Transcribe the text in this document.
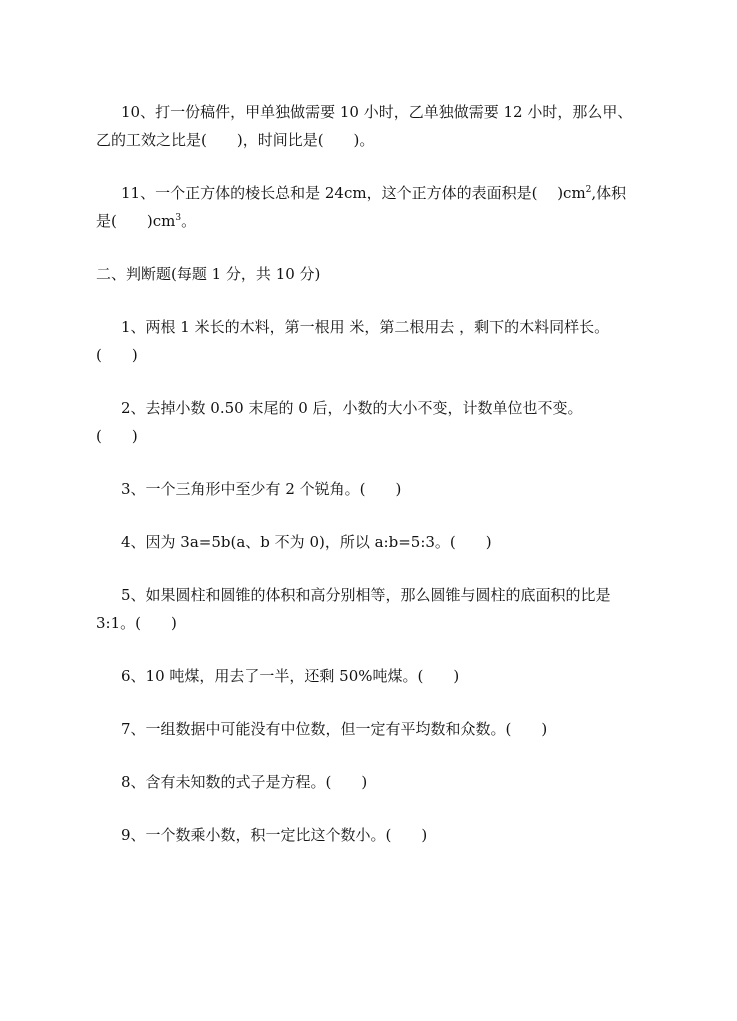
10、打一份稿件，甲单独做需要 10 小时，乙单独做需要 12 小时，那么甲、
乙的工效之比是(　　)，时间比是(　　)。
11、一个正方体的棱长总和是 24cm，这个正方体的表面积是(　 )$cm^2$,体积
是(　　)$cm^3$。
二、判断题(每题 1 分，共 10 分)
1、两根 1 米长的木料，第一根用 米，第二根用去 ，剩下的木料同样长。
(　　)
2、去掉小数 0.50 末尾的 0 后，小数的大小不变，计数单位也不变。
(　　)
3、一个三角形中至少有 2 个锐角。(　　)
4、因为 3a=5b(a、b 不为 0)，所以 a:b=5:3。(　　)
5、如果圆柱和圆锥的体积和高分别相等，那么圆锥与圆柱的底面积的比是
3:1。(　　)
6、10 吨煤，用去了一半，还剩 50%吨煤。(　　)
7、一组数据中可能没有中位数，但一定有平均数和众数。(　　)
8、含有未知数的式子是方程。(　　)
9、一个数乘小数，积一定比这个数小。(　　)
